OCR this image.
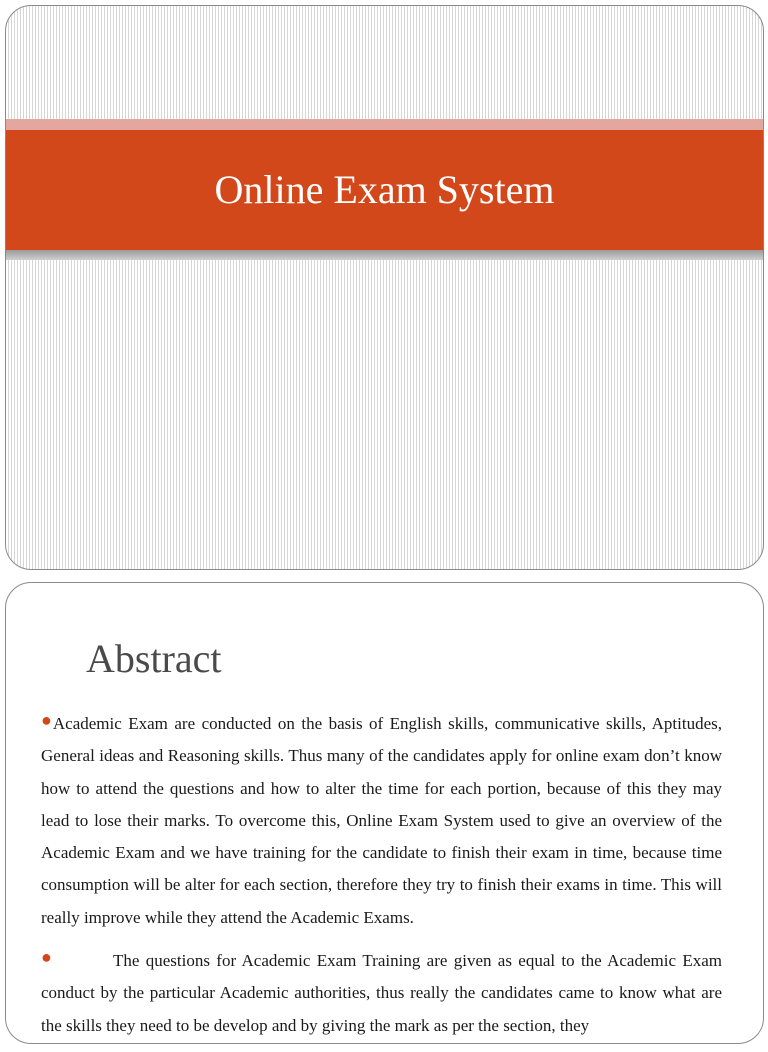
Online Exam System
Abstract

●Academic Exam are conducted on the basis of English skills, communicative skills, Aptitudes, General ideas and Reasoning skills. Thus many of the candidates apply for online exam don’t know how to attend the questions and how to alter the time for each portion, because of this they may lead to lose their marks. To overcome this, Online Exam System used to give an overview of the Academic Exam and we have training for the candidate to finish their exam in time, because time consumption will be alter for each section, therefore they try to finish their exams in time. This will really improve while they attend the Academic Exams.

●	The questions for Academic Exam Training are given as equal to the Academic Exam conduct by the particular Academic authorities, thus really the candidates came to know what are the skills they need to be develop and by giving the mark as per the section, they
